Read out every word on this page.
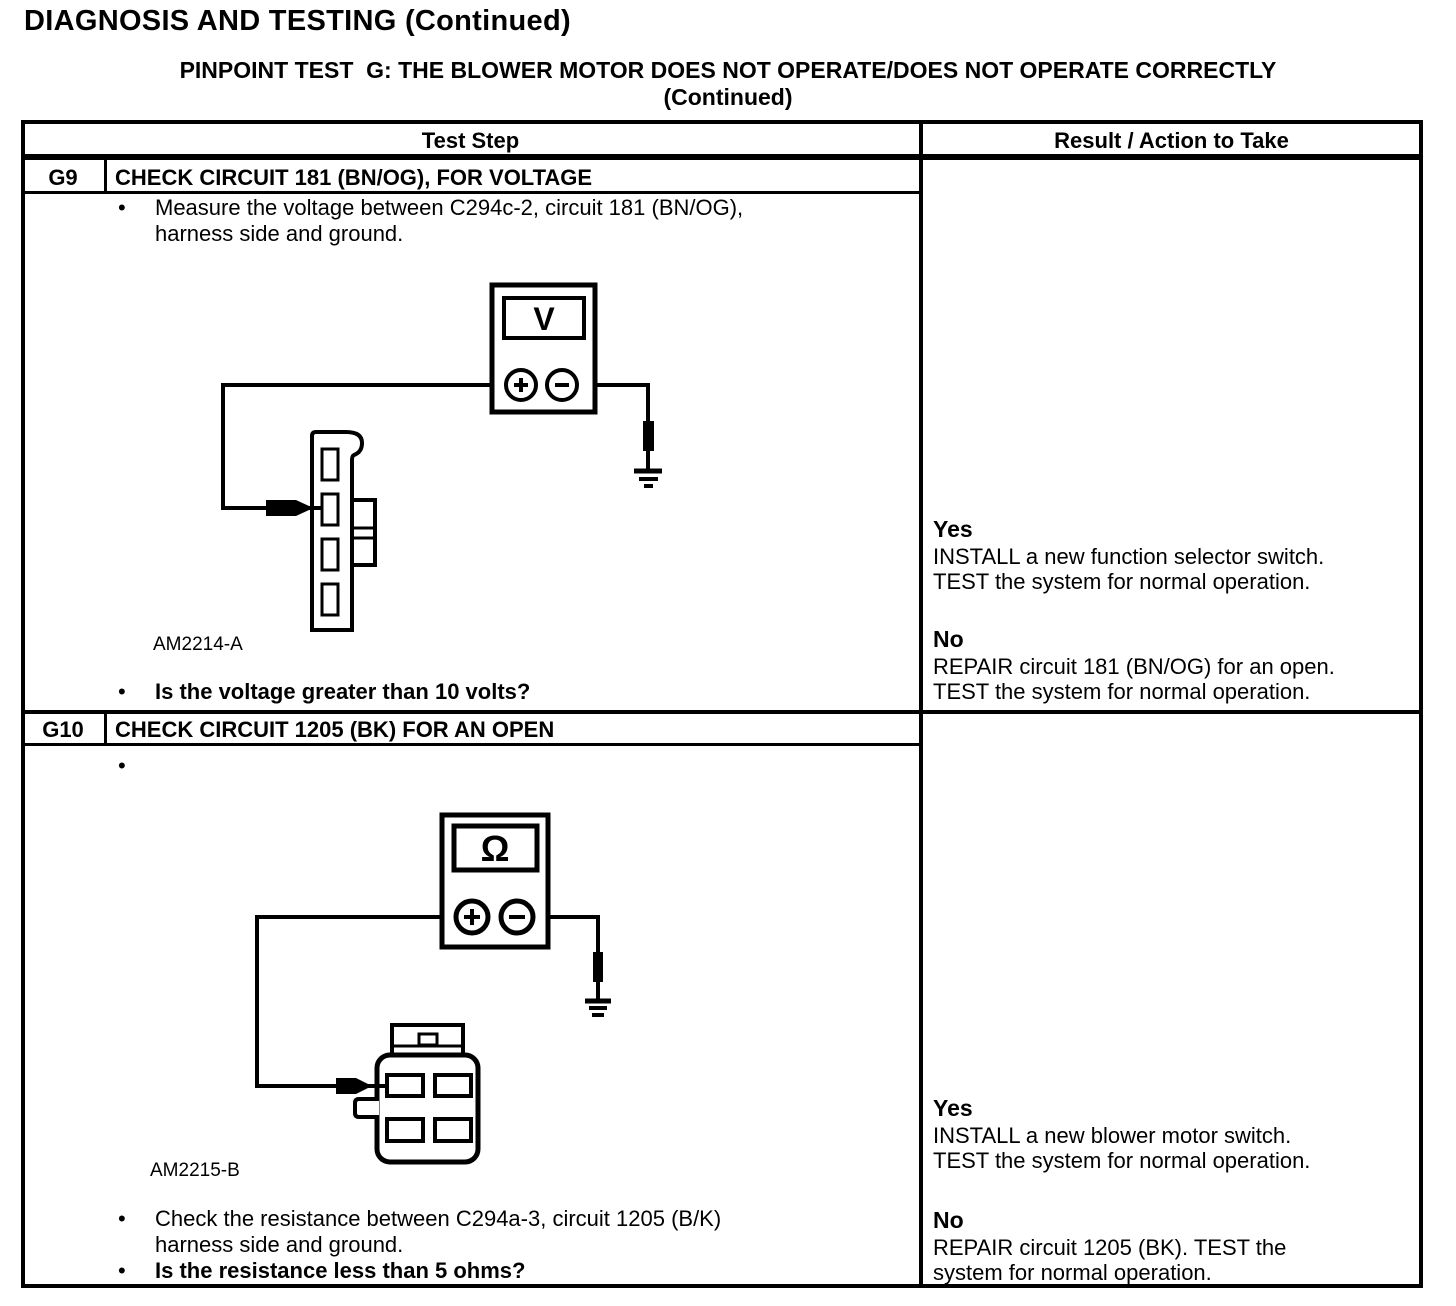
DIAGNOSIS AND TESTING (Continued)
PINPOINT TEST  G: THE BLOWER MOTOR DOES NOT OPERATE/DOES NOT OPERATE CORRECTLY
(Continued)
Test Step	Result / Action to Take
G9	CHECK CIRCUIT 181 (BN/OG), FOR VOLTAGE
• Measure the voltage between C294c-2, circuit 181 (BN/OG),
harness side and ground.
V
AM2214-A
• Is the voltage greater than 10 volts?
Yes
INSTALL a new function selector switch.
TEST the system for normal operation.
No
REPAIR circuit 181 (BN/OG) for an open.
TEST the system for normal operation.
G10	CHECK CIRCUIT 1205 (BK) FOR AN OPEN
•
Ω
AM2215-B
• Check the resistance between C294a-3, circuit 1205 (B/K)
harness side and ground.
• Is the resistance less than 5 ohms?
Yes
INSTALL a new blower motor switch.
TEST the system for normal operation.
No
REPAIR circuit 1205 (BK). TEST the
system for normal operation.
